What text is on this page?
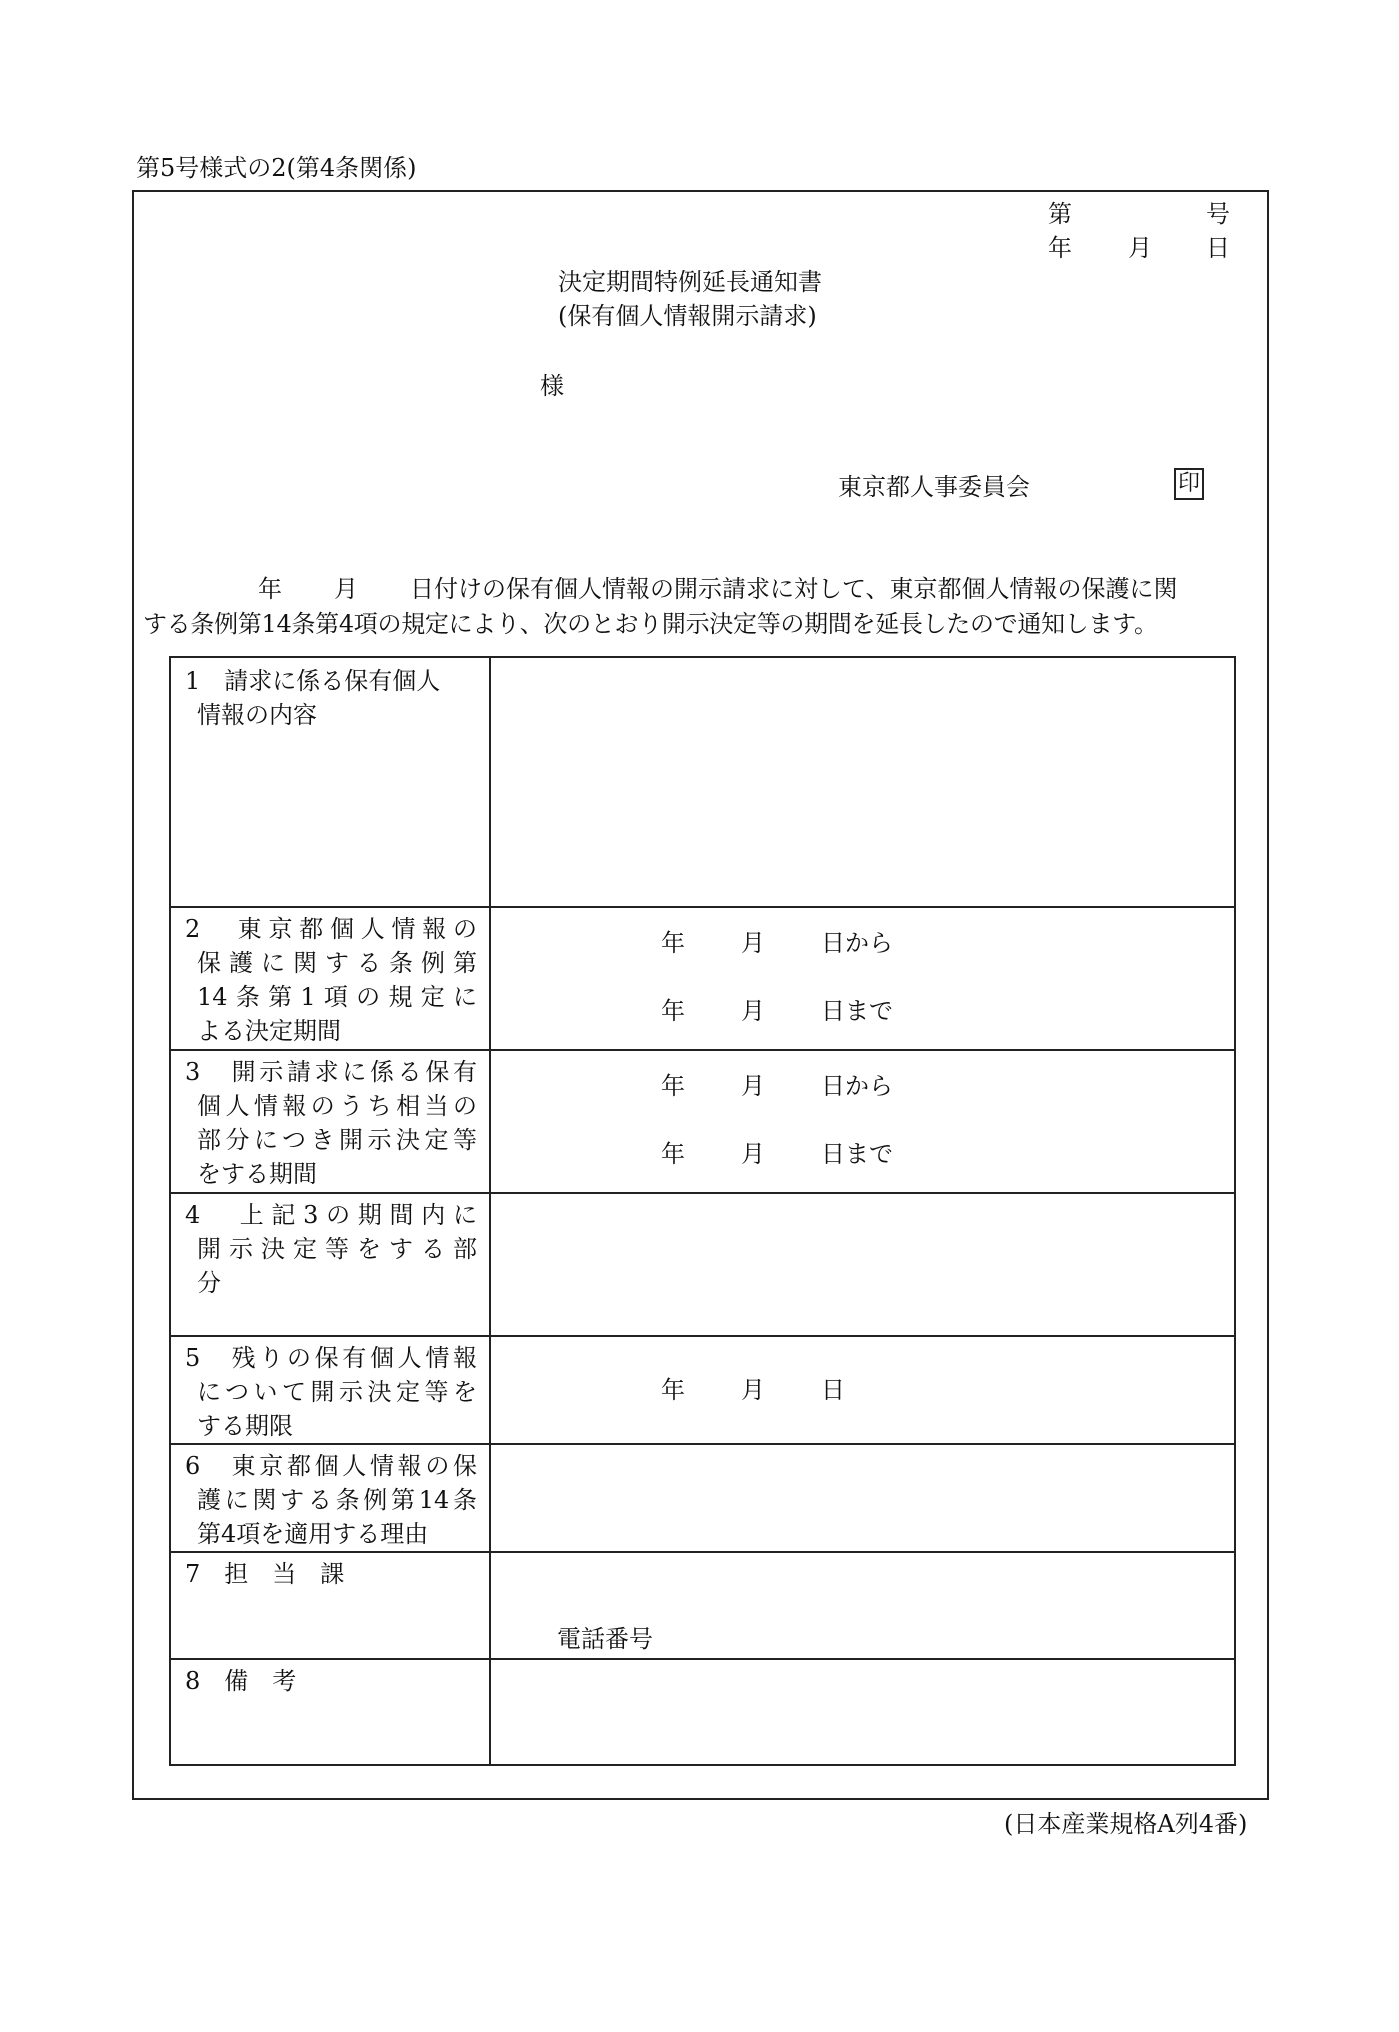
第5号様式の2(第4条関係)
第	号
年 月 日
決定期間特例延長通知書
(保有個人情報開示請求)
様
東京都人事委員会	印
年 月 日付けの保有個人情報の開示請求に対して、東京都個人情報の保護に関
する条例第14条第4項の規定により、次のとおり開示決定等の期間を延長したので通知します。
1　請求に係る保有個人
情報の内容
2　東京都個人情報の
保護に関する条例第
14条第1項の規定に
よる決定期間
年 月 日から
年 月 日まで
3　開示請求に係る保有
個人情報のうち相当の
部分につき開示決定等
をする期間
年 月 日から
年 月 日まで
4　上記3の期間内に
開示決定等をする部
分
5　残りの保有個人情報
について開示決定等を
する期限
年 月 日
6　東京都個人情報の保
護に関する条例第14条
第4項を適用する理由
7　担　当　課
電話番号
8　備　考
(日本産業規格A列4番)
